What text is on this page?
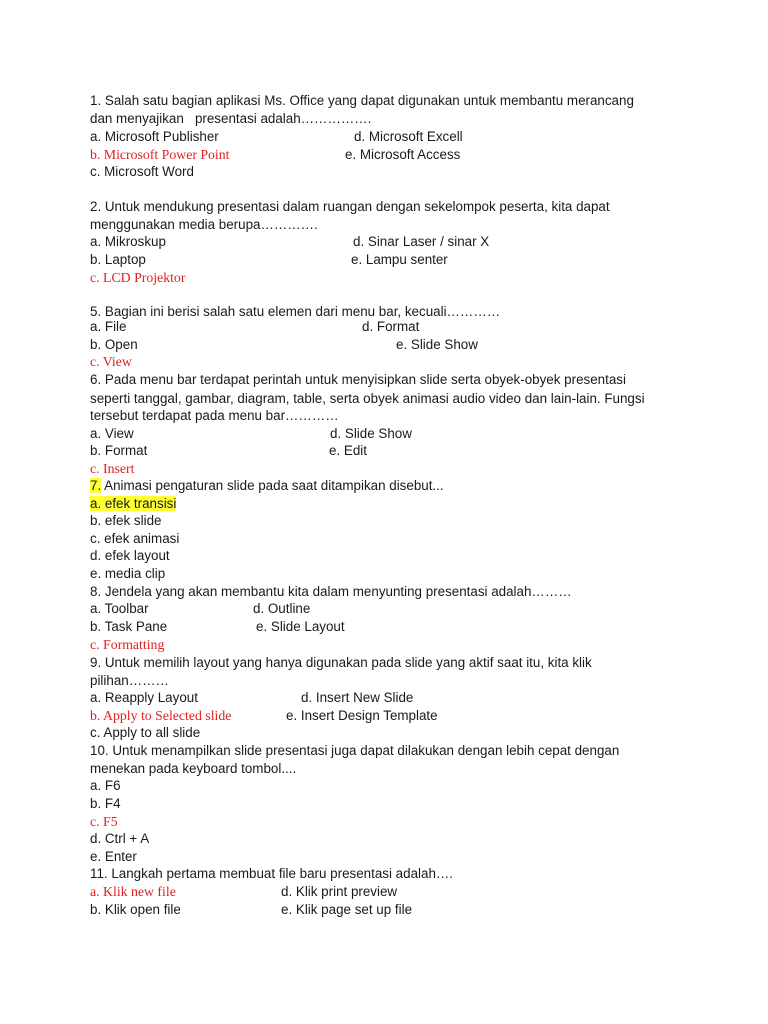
1. Salah satu bagian aplikasi Ms. Office yang dapat digunakan untuk membantu merancang
dan menyajikan   presentasi adalah…………….
a. Microsoft Publisher	d. Microsoft Excell
b. Microsoft Power Point	e. Microsoft Access
c. Microsoft Word
2. Untuk mendukung presentasi dalam ruangan dengan sekelompok peserta, kita dapat
menggunakan media berupa………….
a. Mikroskup	d. Sinar Laser / sinar X
b. Laptop	e. Lampu senter
c. LCD Projektor
5. Bagian ini berisi salah satu elemen dari menu bar, kecuali…………
a. File	d. Format
b. Open	e. Slide Show
c. View
6. Pada menu bar terdapat perintah untuk menyisipkan slide serta obyek-obyek presentasi
seperti tanggal, gambar, diagram, table, serta obyek animasi audio video dan lain-lain. Fungsi
tersebut terdapat pada menu bar…………
a. View	d. Slide Show
b. Format	e. Edit
c. Insert
7. Animasi pengaturan slide pada saat ditampikan disebut...
a. efek transisi
b. efek slide
c. efek animasi
d. efek layout
e. media clip
8. Jendela yang akan membantu kita dalam menyunting presentasi adalah………
a. Toolbar	d. Outline
b. Task Pane	e. Slide Layout
c. Formatting
9. Untuk memilih layout yang hanya digunakan pada slide yang aktif saat itu, kita klik
pilihan………
a. Reapply Layout	d. Insert New Slide
b. Apply to Selected slide	e. Insert Design Template
c. Apply to all slide
10. Untuk menampilkan slide presentasi juga dapat dilakukan dengan lebih cepat dengan
menekan pada keyboard tombol....
a. F6
b. F4
c. F5
d. Ctrl + A
e. Enter
11. Langkah pertama membuat file baru presentasi adalah….
a. Klik new file	d. Klik print preview
b. Klik open file	e. Klik page set up file
